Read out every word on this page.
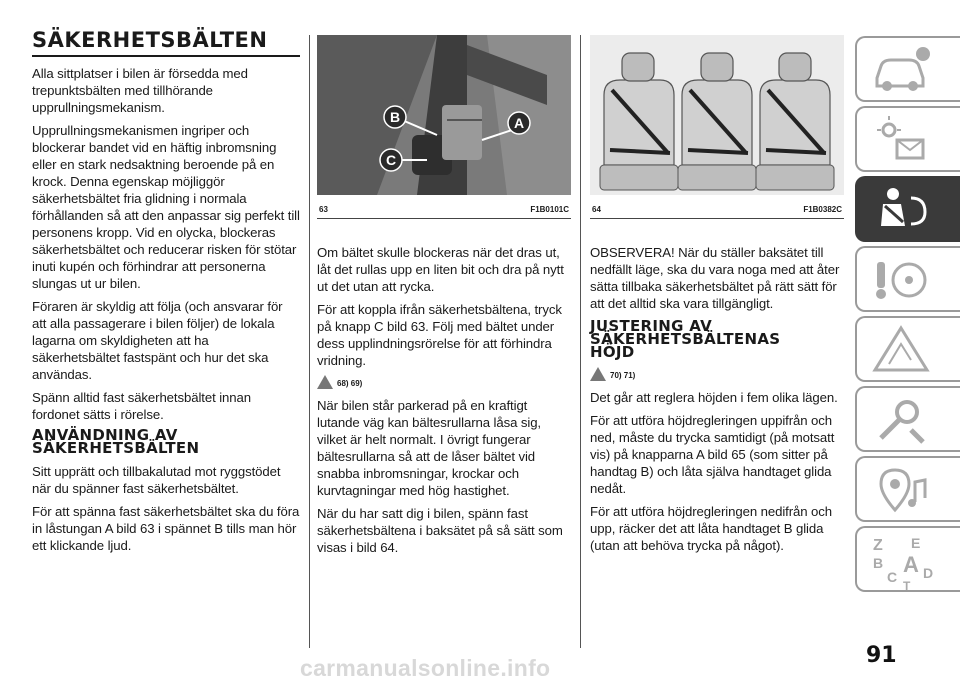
SÄKERHETSBÄLTEN

Alla sittplatser i bilen är försedda med trepunktsbälten med tillhörande upprullningsmekanism.

Upprullningsmekanismen ingriper och blockerar bandet vid en häftig inbromsning eller en stark nedsaktning beroende på en krock. Denna egenskap möjliggör säkerhetsbältet fria glidning i normala förhållanden så att den anpassar sig perfekt till personens kropp. Vid en olycka, blockeras säkerhetsbältet och reducerar risken för stötar inuti kupén och förhindrar att personerna slungas ut ur bilen.

Föraren är skyldig att följa (och ansvarar för att alla passagerare i bilen följer) de lokala lagarna om skyldigheten att ha säkerhetsbältet fastspänt och hur det ska användas.

Spänn alltid fast säkerhetsbältet innan fordonet sätts i rörelse.

ANVÄNDNING AV SÄKERHETSBÄLTEN

Sitt upprätt och tillbakalutad mot ryggstödet när du spänner fast säkerhetsbältet.

För att spänna fast säkerhetsbältet ska du föra in låstungan A bild 63 i spännet B tills man hör ett klickande ljud.

A
B
C
63	F1B0101C	64	F1B0382C

Om bältet skulle blockeras när det dras ut, låt det rullas upp en liten bit och dra på nytt ut det utan att rycka.

För att koppla ifrån säkerhetsbältena, tryck på knapp C bild 63. Följ med bältet under dess upplindningsrörelse för att förhindra vridning.

68) 69)

När bilen står parkerad på en kraftigt lutande väg kan bältesrullarna låsa sig, vilket är helt normalt. I övrigt fungerar bältesrullarna så att de låser bältet vid snabba inbromsningar, krockar och kurvtagningar med hög hastighet.

När du har satt dig i bilen, spänn fast säkerhetsbältena i baksätet på så sätt som visas i bild 64.

OBSERVERA! När du ställer baksätet till nedfällt läge, ska du vara noga med att åter sätta tillbaka säkerhetsbältet på rätt sätt för att det alltid ska vara tillgängligt.

JUSTERING AV SÄKERHETSBÄLTENAS HÖJD
70) 71)

Det går att reglera höjden i fem olika lägen.

För att utföra höjdregleringen uppifrån och ned, måste du trycka samtidigt (på motsatt vis) på knapparna A bild 65 (som sitter på handtag B) och låta själva handtaget glida nedåt.

För att utföra höjdregleringen nedifrån och upp, räcker det att låta handtaget B glida (utan att behöva trycka på något).	Z E
B A
C D
T
91
carmanualsonline.info
